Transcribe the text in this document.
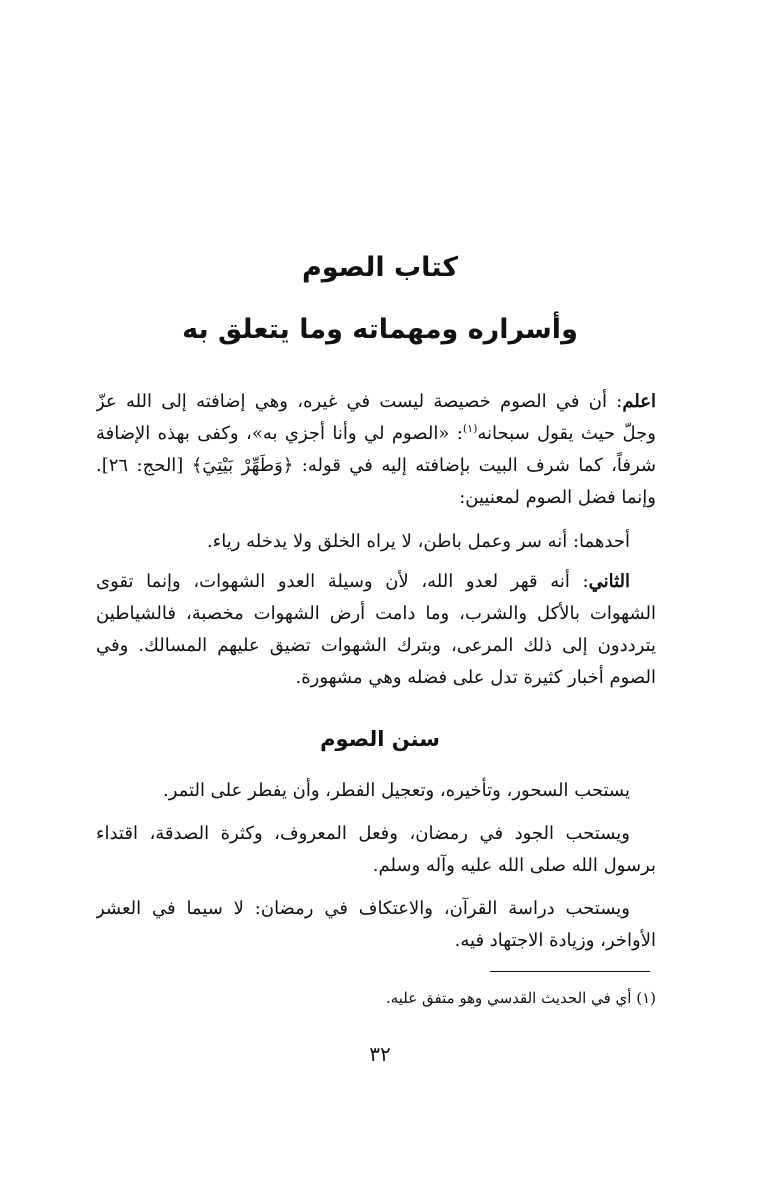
كتاب الصوم
وأسراره ومهماته وما يتعلق به
اعلم: أن في الصوم خصيصة ليست في غيره، وهي إضافته إلى الله عزّ
وجلّ حيث يقول سبحانه$^{(١)}$: «الصوم لي وأنا أجزي به»، وكفى بهذه الإضافة
شرفاً، كما شرف البيت بإضافته إليه في قوله: ﴿وَطَهِّرْ بَيْتِيَ﴾ [الحج: ٢٦].
وإنما فضل الصوم لمعنيين:
أحدهما: أنه سر وعمل باطن، لا يراه الخلق ولا يدخله رياء.
الثاني: أنه قهر لعدو الله، لأن وسيلة العدو الشهوات، وإنما تقوى
الشهوات بالأكل والشرب، وما دامت أرض الشهوات مخصبة، فالشياطين
يترددون إلى ذلك المرعى، وبترك الشهوات تضيق عليهم المسالك. وفي
الصوم أخبار كثيرة تدل على فضله وهي مشهورة.
سنن الصوم
يستحب السحور، وتأخيره، وتعجيل الفطر، وأن يفطر على التمر.
ويستحب الجود في رمضان، وفعل المعروف، وكثرة الصدقة، اقتداء
برسول الله صلى الله عليه وآله وسلم.
ويستحب دراسة القرآن، والاعتكاف في رمضان: لا سيما في العشر
الأواخر، وزيادة الاجتهاد فيه.
(١) أي في الحديث القدسي وهو متفق عليه.
٣٢
